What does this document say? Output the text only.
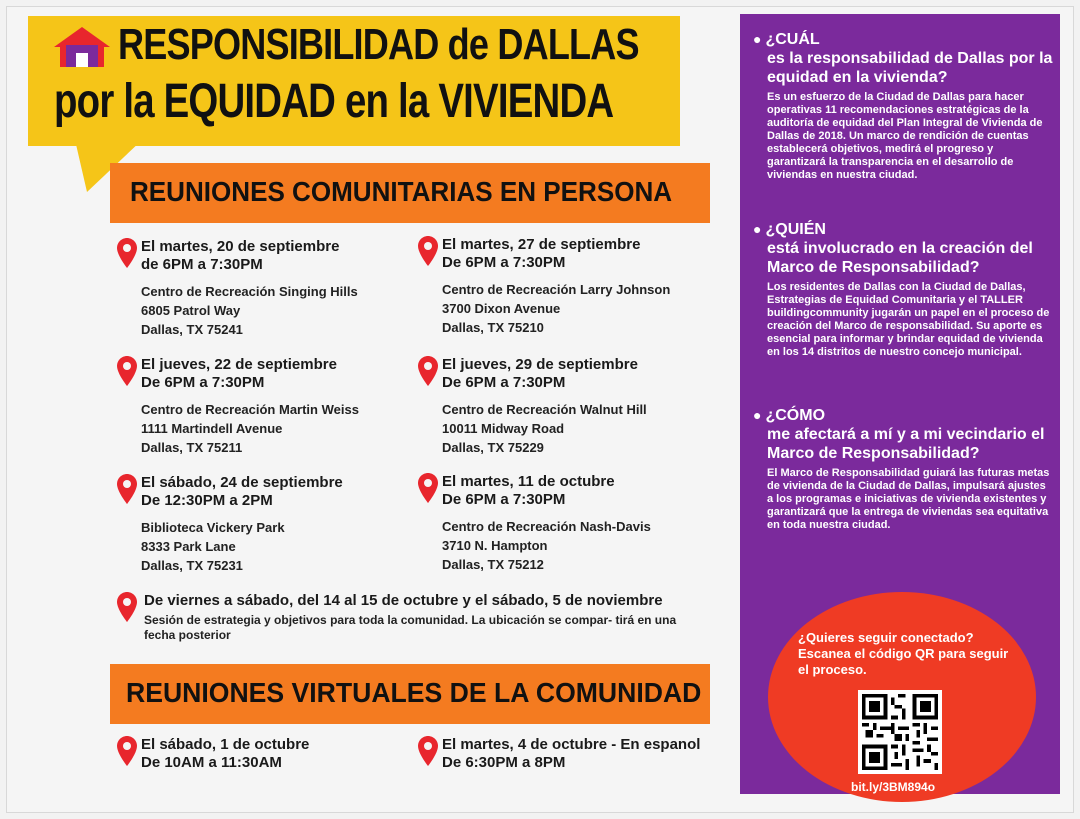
RESPONSIBILIDAD de DALLAS
por la EQUIDAD en la VIVIENDA
REUNIONES COMUNITARIAS EN PERSONA
El martes, 20 de septiembre
de 6PM a 7:30PM
Centro de Recreación Singing Hills
6805 Patrol Way
Dallas, TX 75241
El martes, 27 de septiembre
De 6PM a 7:30PM
Centro de Recreación Larry Johnson
3700 Dixon Avenue
Dallas, TX 75210
El jueves, 22 de septiembre
De 6PM a 7:30PM
Centro de Recreación Martin Weiss
1111 Martindell Avenue
Dallas, TX 75211
El jueves, 29 de septiembre
De 6PM a 7:30PM
Centro de Recreación Walnut Hill
10011 Midway Road
Dallas, TX 75229
El sábado, 24 de septiembre
De 12:30PM a 2PM
Biblioteca Vickery Park
8333 Park Lane
Dallas, TX 75231
El martes, 11 de octubre
De 6PM a 7:30PM
Centro de Recreación Nash-Davis
3710 N. Hampton
Dallas, TX 75212
De viernes a sábado, del 14 al 15 de octubre y el sábado, 5 de noviembre
Sesión de estrategia y objetivos para toda la comunidad. La ubicación se compar- tirá en una fecha posterior
REUNIONES VIRTUALES DE LA COMUNIDAD
El sábado, 1 de octubre
De 10AM a 11:30AM
El martes, 4 de octubre - En espanol
De 6:30PM a 8PM
● ¿CUÁL
es la responsabilidad de Dallas por la equidad en la vivienda?
Es un esfuerzo de la Ciudad de Dallas para hacer operativas 11 recomendaciones estratégicas de la auditoría de equidad del Plan Integral de Vivienda de Dallas de 2018. Un marco de rendición de cuentas establecerá objetivos, medirá el progreso y garantizará la transparencia en el desarrollo de viviendas en nuestra ciudad.
● ¿QUIÉN
está involucrado en la creación del Marco de Responsabilidad?
Los residentes de Dallas con la Ciudad de Dallas, Estrategias de Equidad Comunitaria y el TALLER buildingcommunity jugarán un papel en el proceso de creación del Marco de responsabilidad. Su aporte es esencial para informar y brindar equidad de vivienda en los 14 distritos de nuestro concejo municipal.
● ¿CÓMO
me afectará a mí y a mi vecindario el Marco de Responsabilidad?
El Marco de Responsabilidad guiará las futuras metas de vivienda de la Ciudad de Dallas, impulsará ajustes a los programas e iniciativas de vivienda existentes y garantizará que la entrega de viviendas sea equitativa en toda nuestra ciudad.
¿Quieres seguir conectado? Escanea el código QR para seguir el proceso.
bit.ly/3BM894o
